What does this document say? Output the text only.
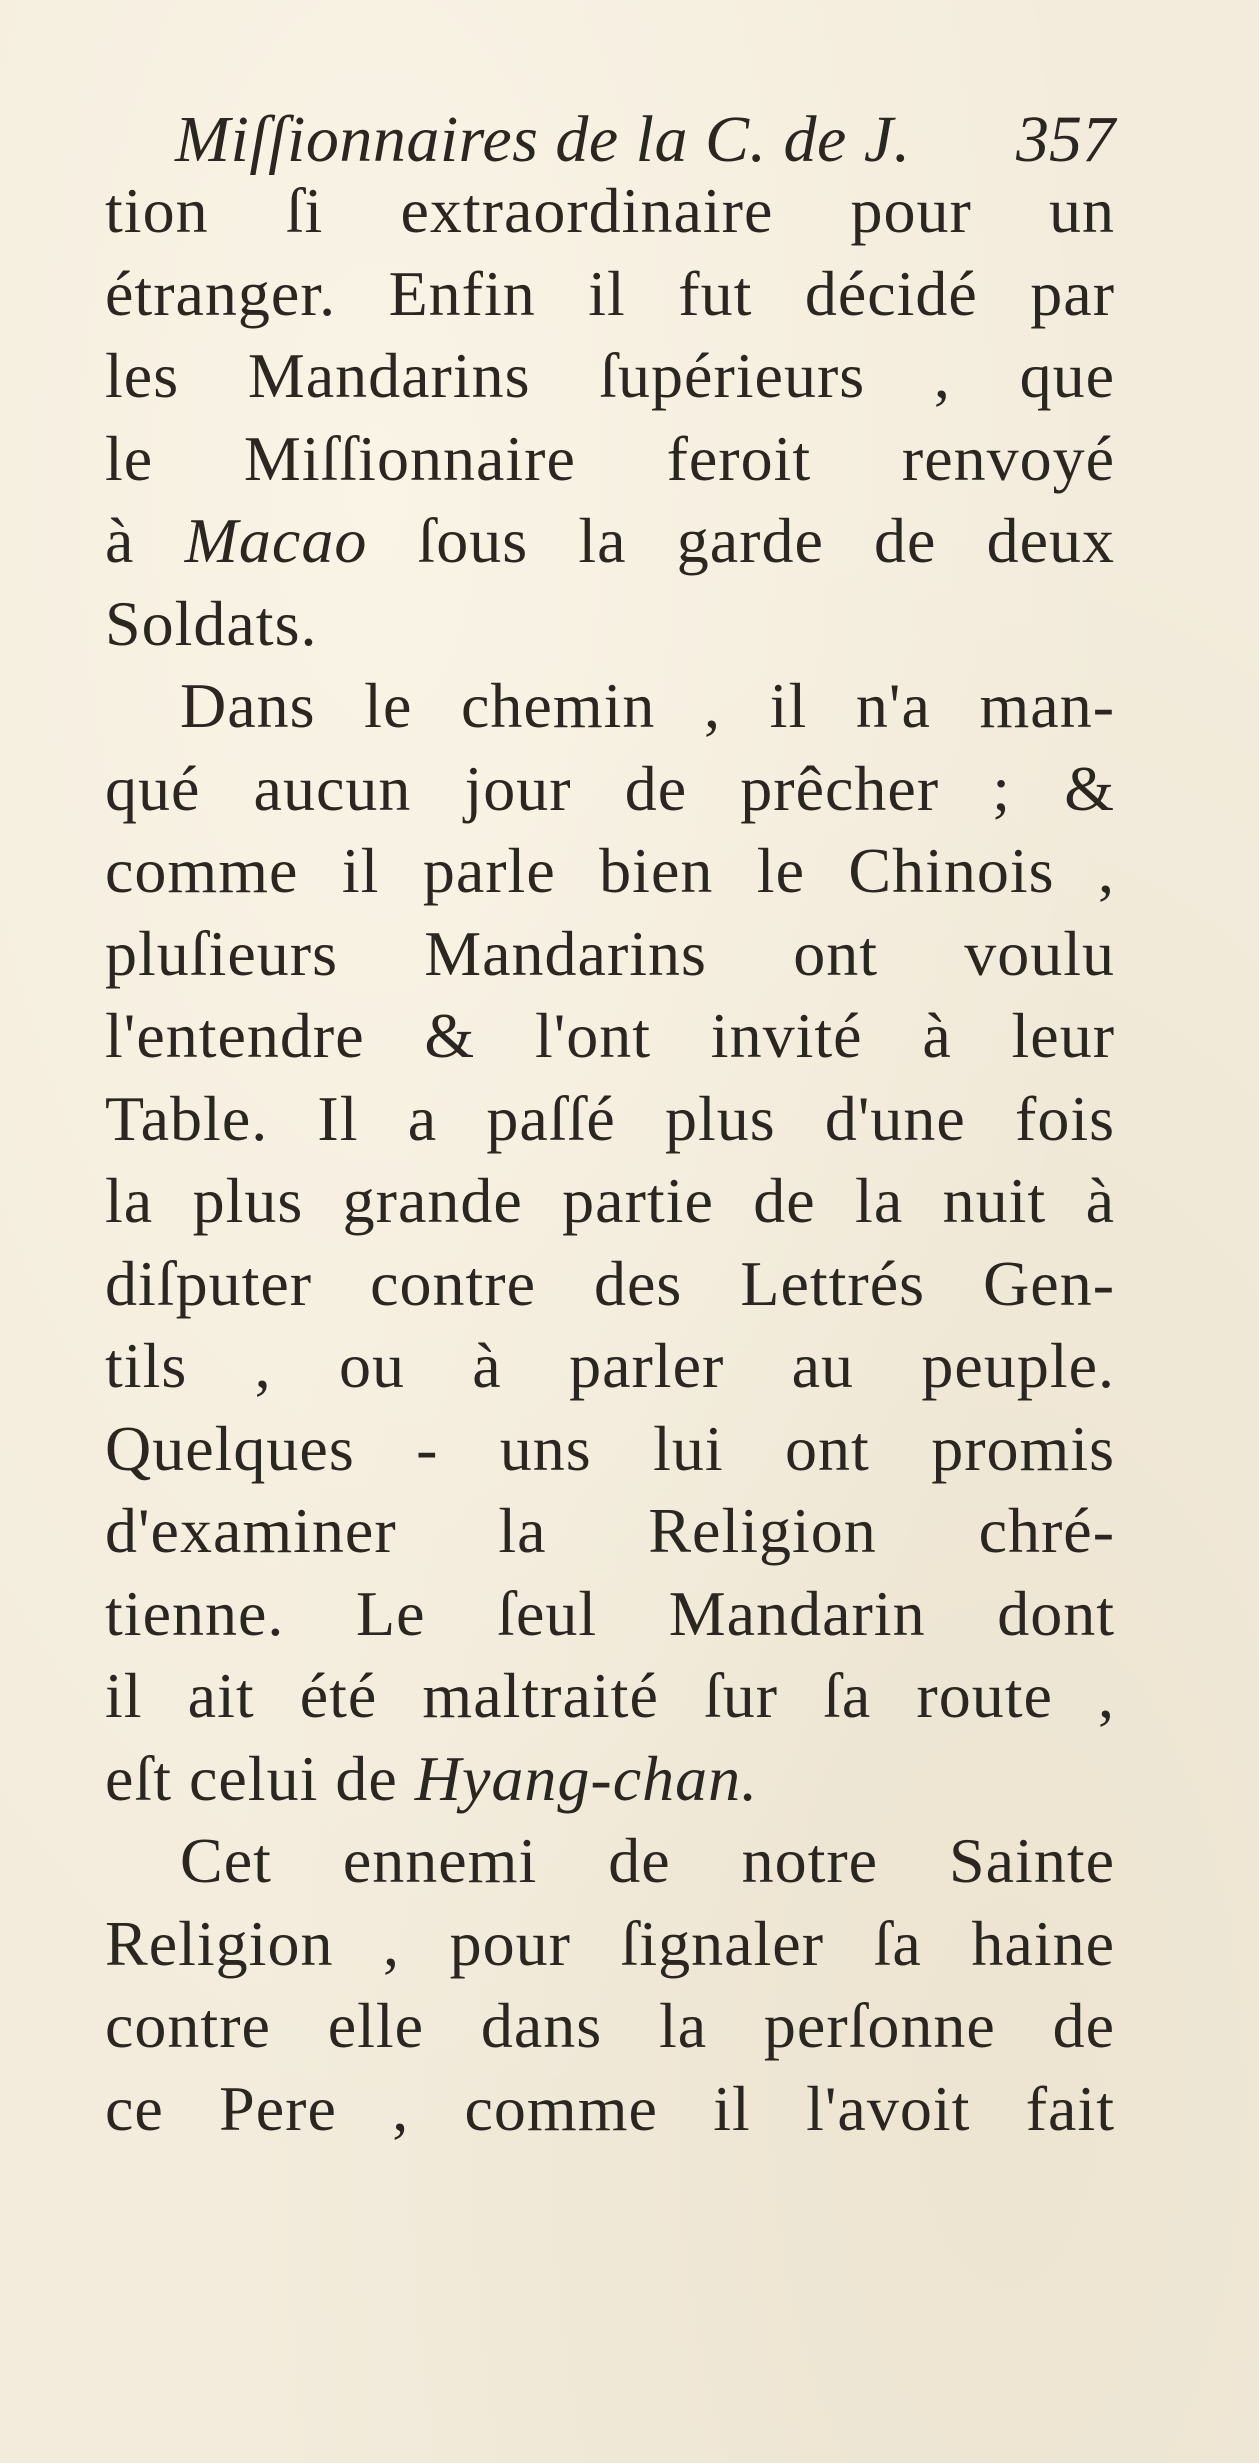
Miſſionnaires de la C. de J. 357
tion ſi extraordinaire pour un
étranger. Enfin il fut décidé par
les Mandarins ſupérieurs , que
le Miſſionnaire feroit renvoyé
à Macao ſous la garde de deux
Soldats.
Dans le chemin , il n'a man-
qué aucun jour de prêcher ; &
comme il parle bien le Chinois ,
pluſieurs Mandarins ont voulu
l'entendre & l'ont invité à leur
Table. Il a paſſé plus d'une fois
la plus grande partie de la nuit à
diſputer contre des Lettrés Gen-
tils , ou à parler au peuple.
Quelques - uns lui ont promis
d'examiner la Religion chré-
tienne. Le ſeul Mandarin dont
il ait été maltraité ſur ſa route ,
eſt celui de Hyang-chan.
Cet ennemi de notre Sainte
Religion , pour ſignaler ſa haine
contre elle dans la perſonne de
ce Pere , comme il l'avoit fait
